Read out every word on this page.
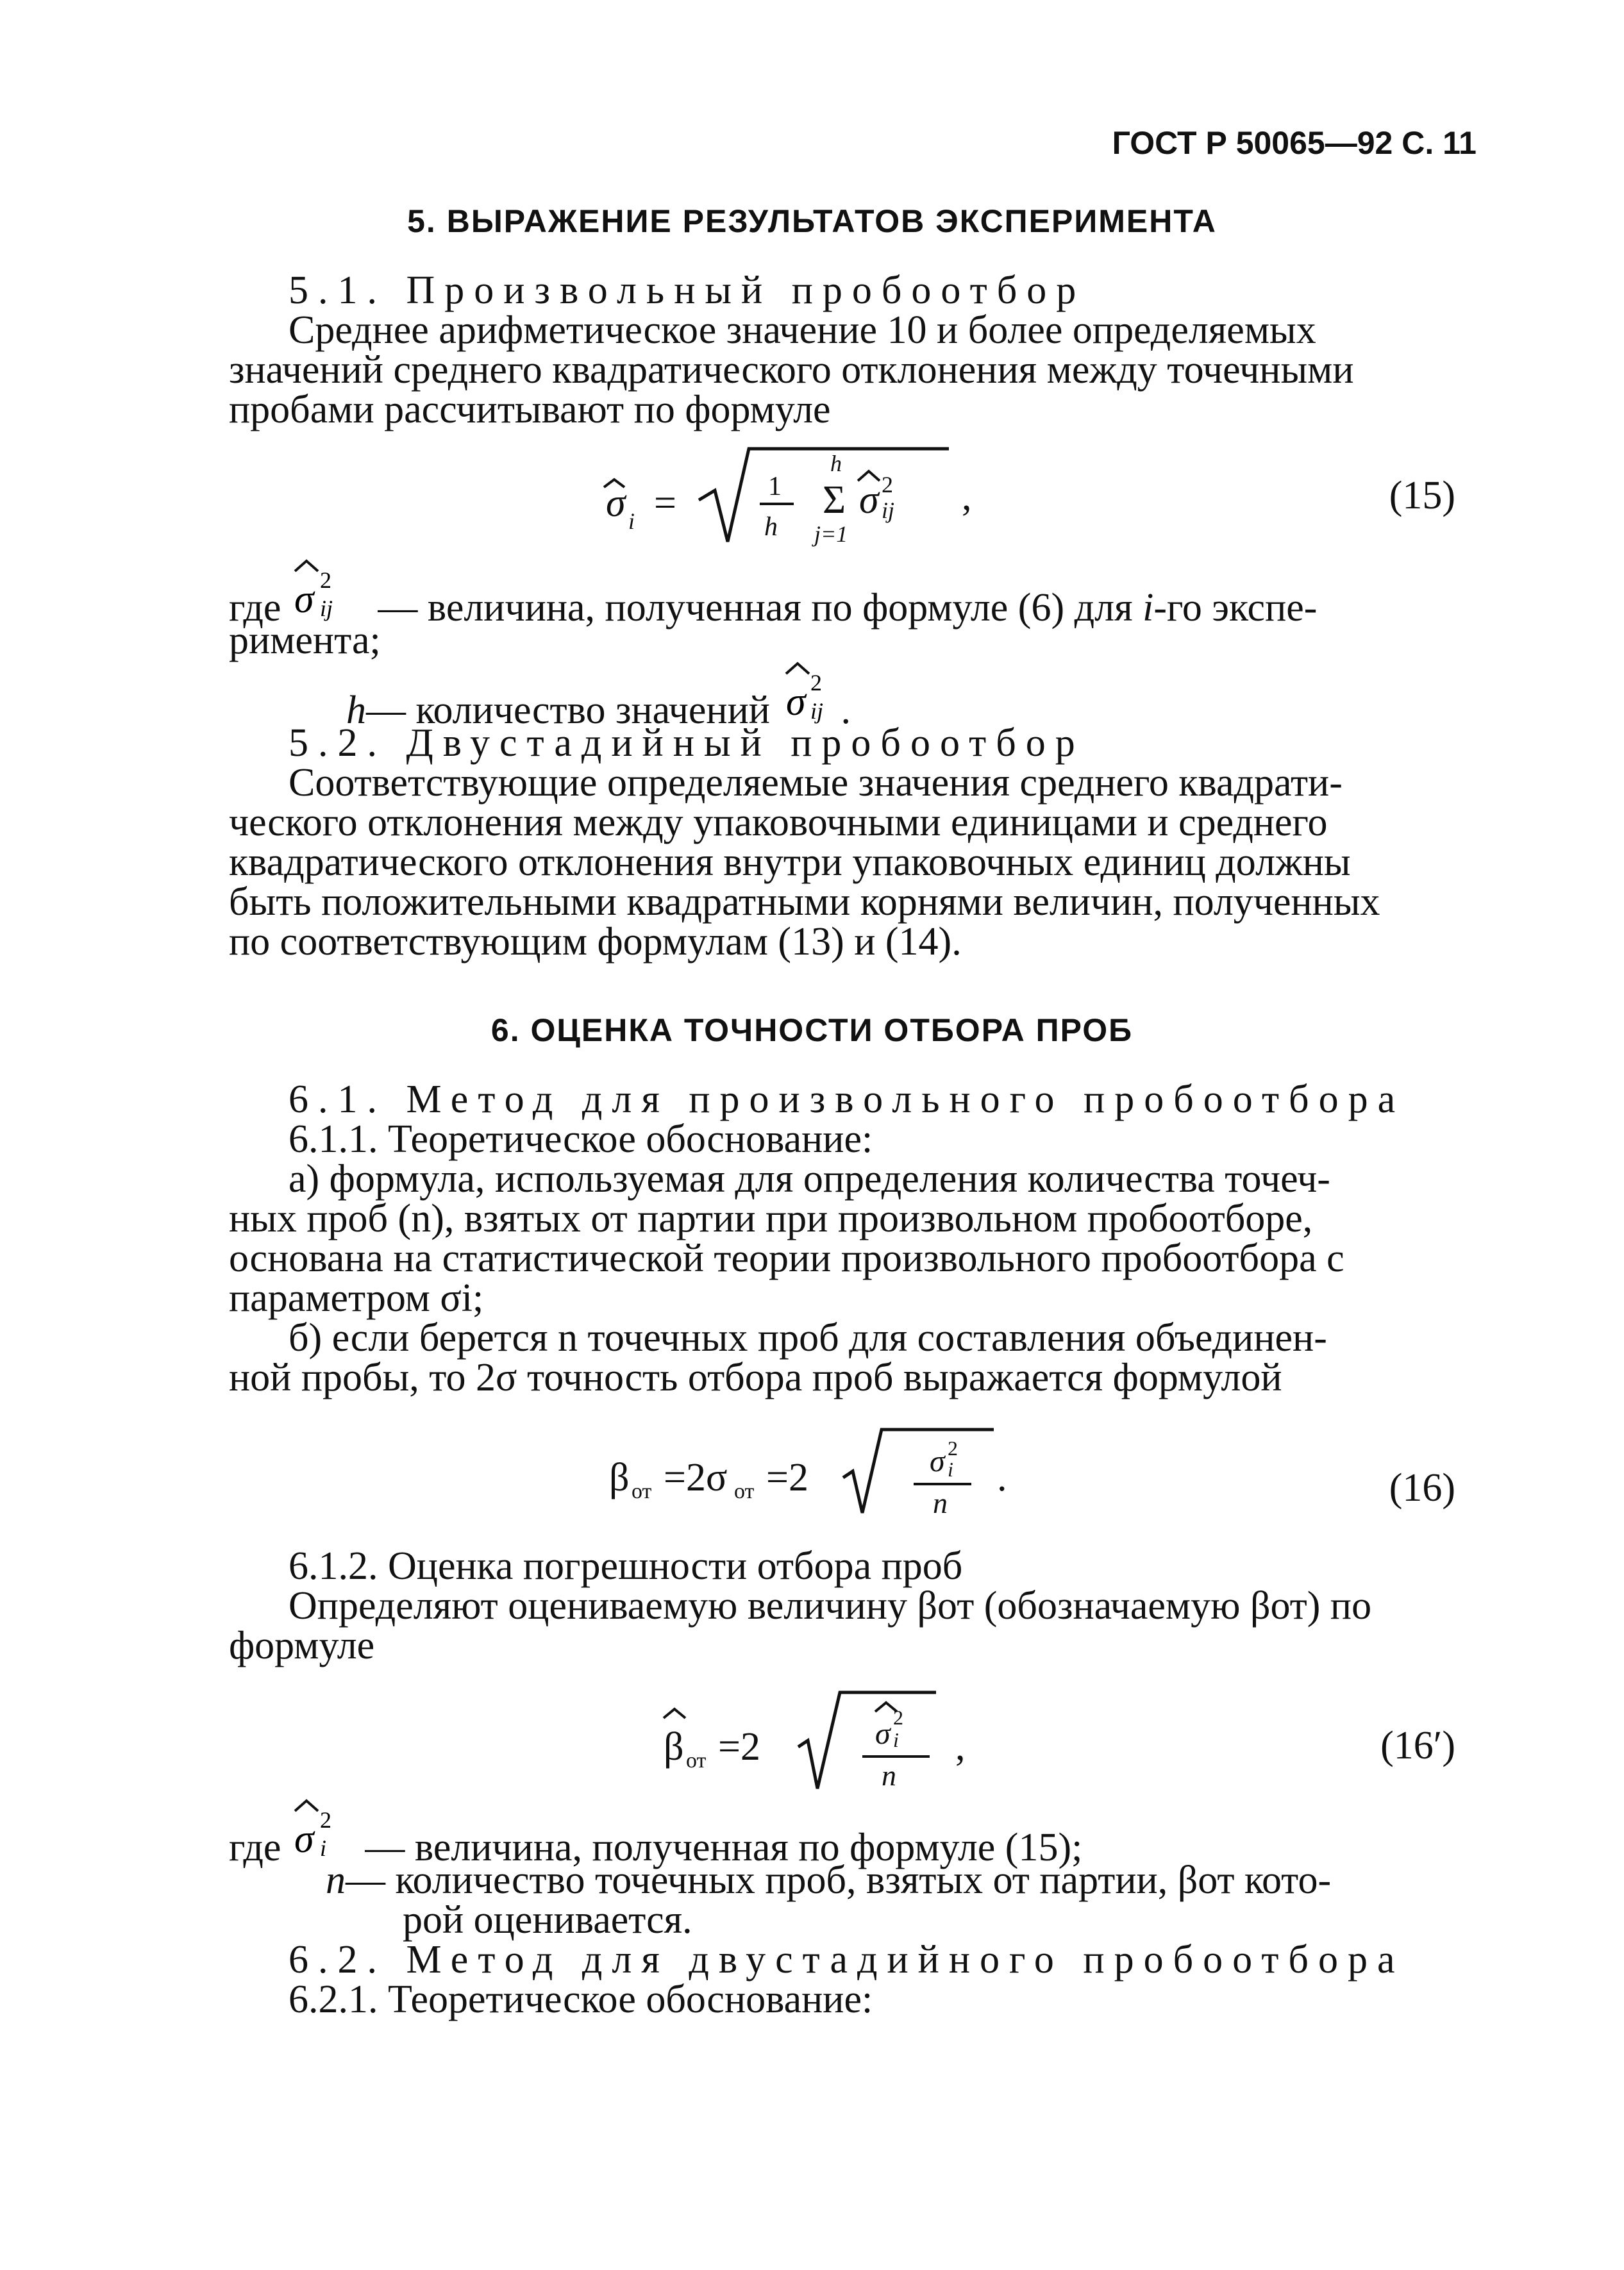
ГОСТ Р 50065—92 С. 11
5. ВЫРАЖЕНИЕ РЕЗУЛЬТАТОВ ЭКСПЕРИМЕНТА
5.1. Произвольный пробоотбор
Среднее арифметическое значение 10 и более определяемых
значений среднего квадратического отклонения между точечными
пробами рассчитывают по формуле
σ i =	1
h
h
Σ
j=1
σ 2
ij ,	(15)
где σ 2
ij — величина, полученная по формуле (6) для i-го экспе-
римента;
h— количество значений σ 2
ij .
5.2. Двустадийный пробоотбор
Соответствующие определяемые значения среднего квадрати-
ческого отклонения между упаковочными единицами и среднего
квадратического отклонения внутри упаковочных единиц должны
быть положительными квадратными корнями величин, полученных
по соответствующим формулам (13) и (14).
6. ОЦЕНКА ТОЧНОСТИ ОТБОРА ПРОБ
6.1. Метод для произвольного пробоотбора
6.1.1. Теоретическое обоснование:
а) формула, используемая для определения количества точеч-
ных проб (n), взятых от партии при произвольном пробоотборе,
основана на статистической теории произвольного пробоотбора с
параметром σi;
б) если берется n точечных проб для составления объединен-
ной пробы, то 2σ точность отбора проб выражается формулой
β от =2σ от =2	σ 2
i
n
.	(16)
6.1.2. Оценка погрешности отбора проб
Определяют оцениваемую величину βот (обозначаемую βот) по
формуле
β от =2	σ 2
i
n
,	(16′)
где σ 2
i — величина, полученная по формуле (15);
n— количество точечных проб, взятых от партии, βот кото-
рой оценивается.
6.2. Метод для двустадийного пробоотбора
6.2.1. Теоретическое обоснование:
